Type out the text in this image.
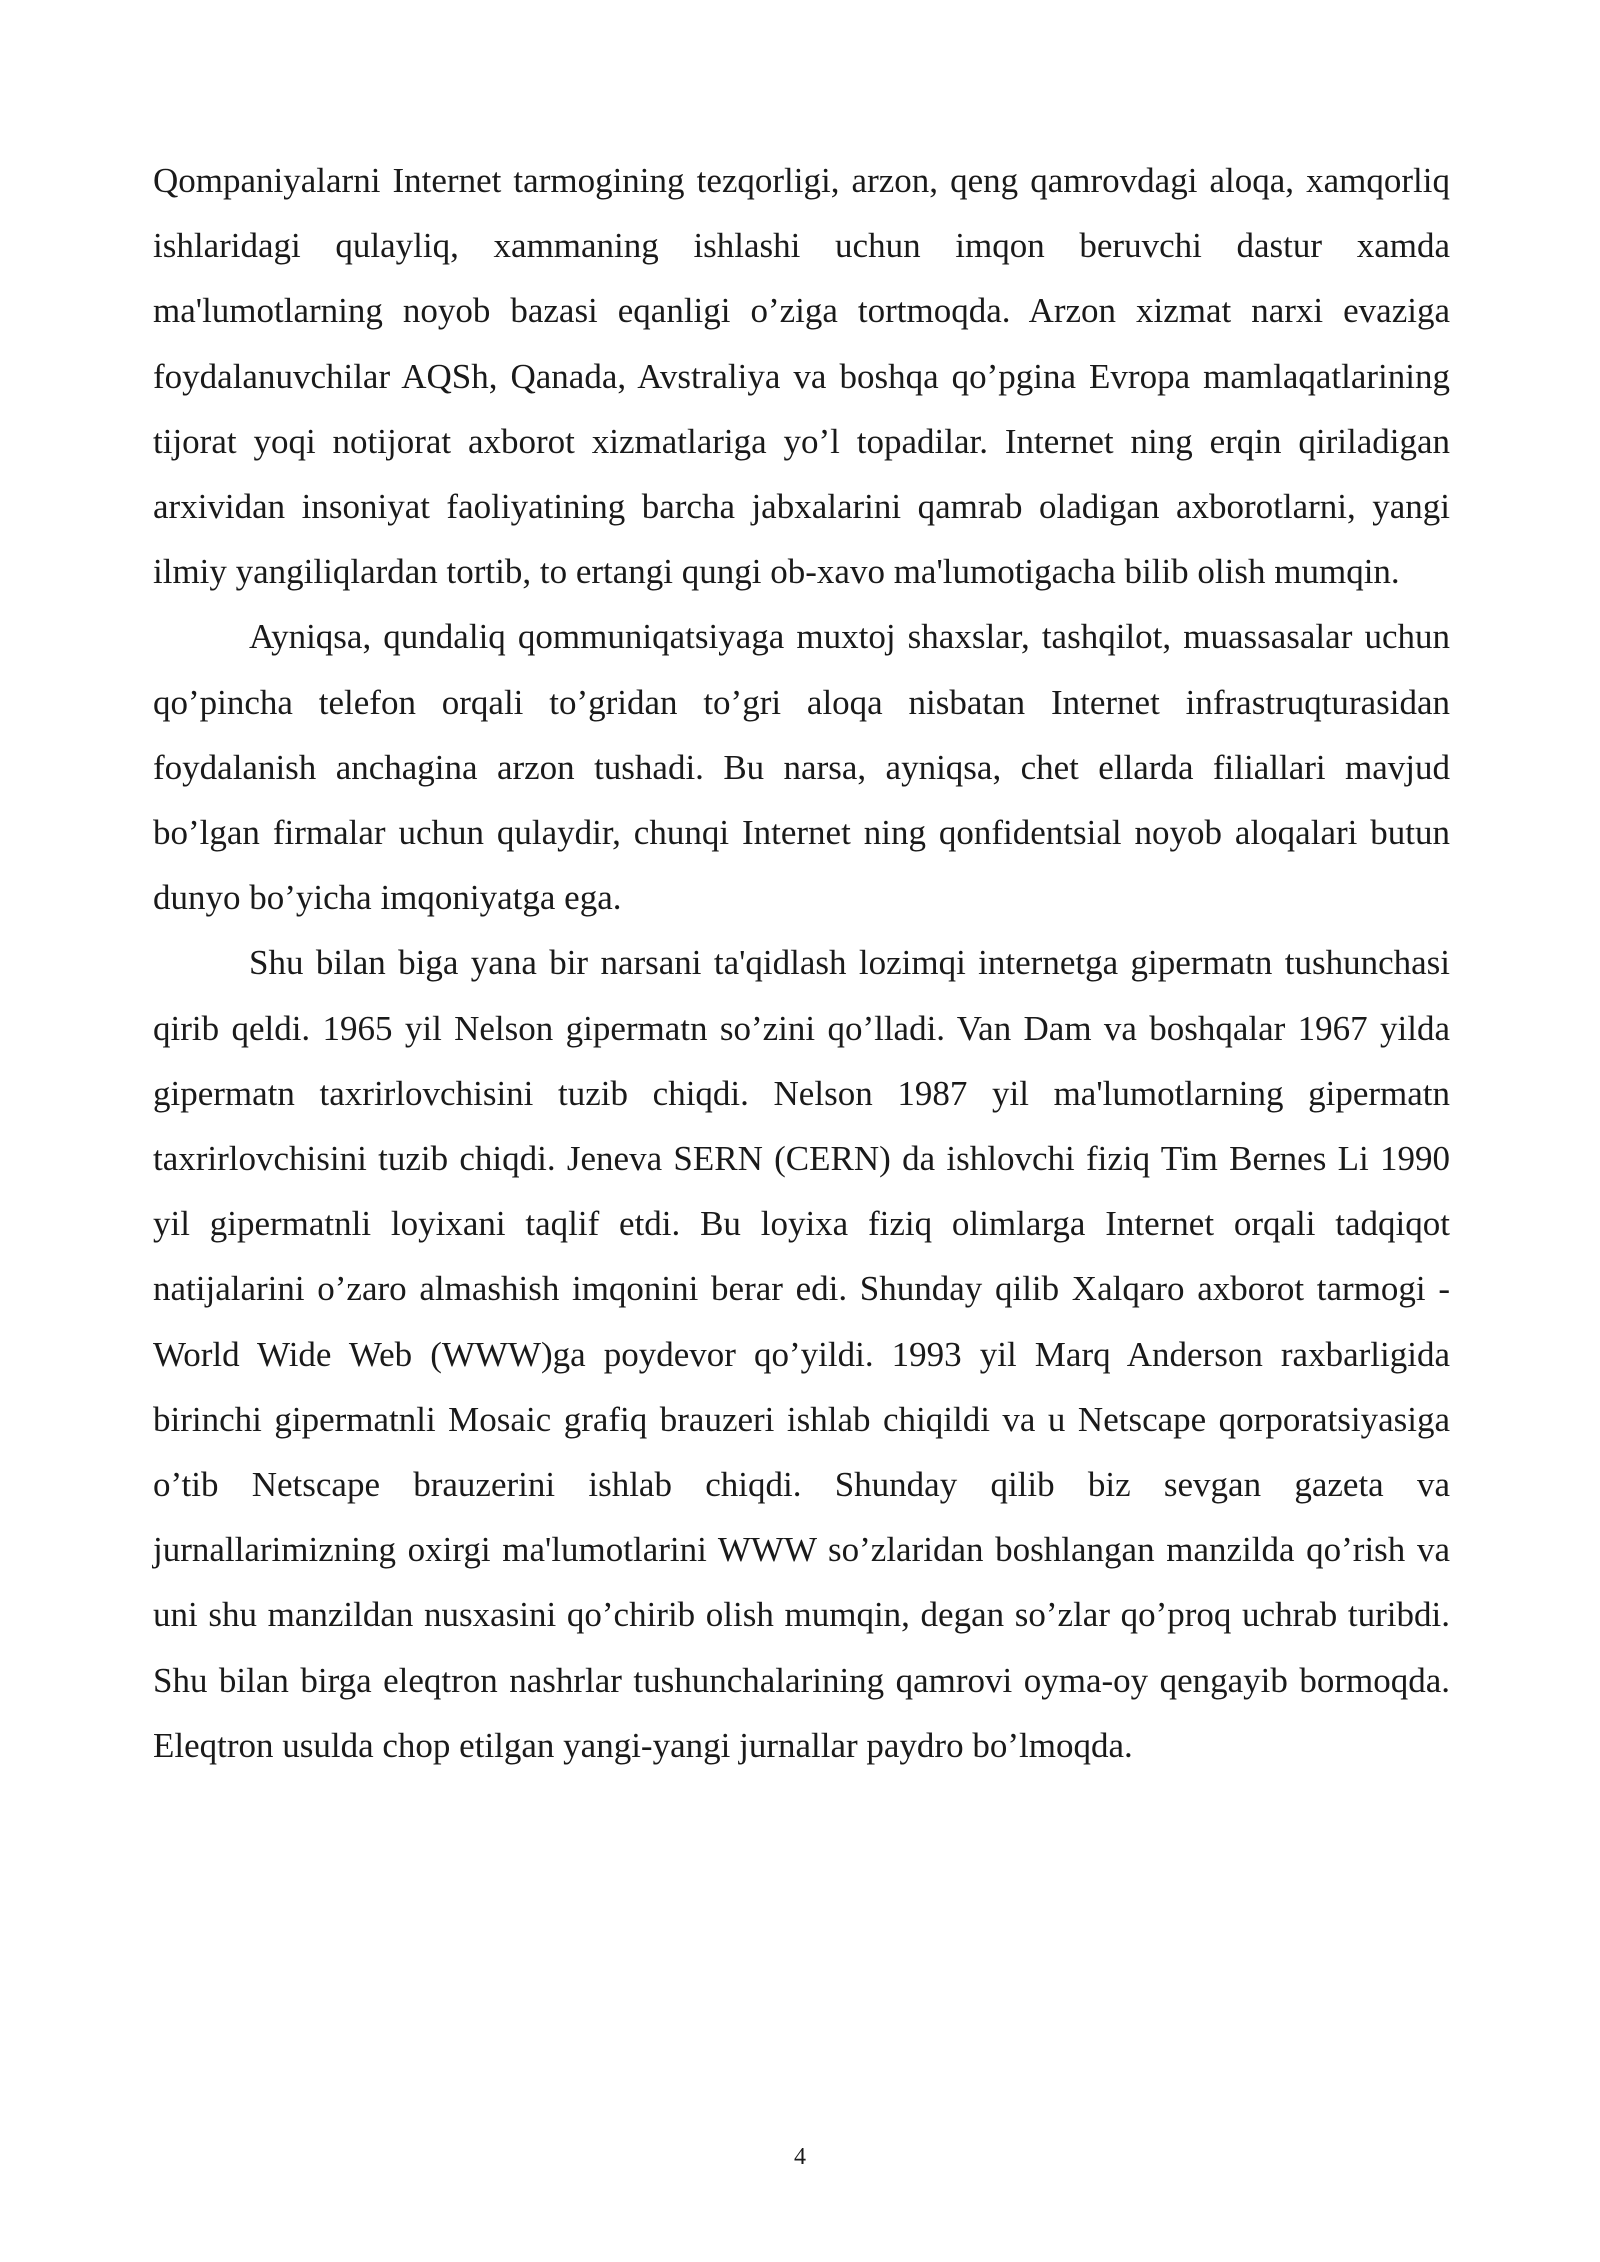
Qompaniyalarni Internet tarmogining tezqorligi, arzon, qeng qamrovdagi aloqa, xamqorliq ishlaridagi qulayliq, xammaning ishlashi uchun imqon beruvchi dastur xamda ma'lumotlarning noyob bazasi eqanligi o’ziga tortmoqda. Arzon xizmat narxi evaziga foydalanuvchilar AQSh, Qanada, Avstraliya va boshqa qo’pgina Evropa mamlaqatlarining tijorat yoqi notijorat axborot xizmatlariga yo’l topadilar. Internet ning erqin qiriladigan arxividan insoniyat faoliyatining barcha jabxalarini qamrab oladigan axborotlarni, yangi ilmiy yangiliqlardan tortib, to ertangi qungi ob-xavo ma'lumotigacha bilib olish mumqin.

Ayniqsa, qundaliq qommuniqatsiyaga muxtoj shaxslar, tashqilot, muassasalar uchun qo’pincha telefon orqali to’gridan to’gri aloqa nisbatan Internet infrastruqturasidan foydalanish anchagina arzon tushadi. Bu narsa, ayniqsa, chet ellarda filiallari mavjud bo’lgan firmalar uchun qulaydir, chunqi Internet ning qonfidentsial noyob aloqalari butun dunyo bo’yicha imqoniyatga ega.

Shu bilan biga yana bir narsani ta'qidlash lozimqi internetga gipermatn tushunchasi qirib qeldi. 1965 yil Nelson gipermatn so’zini qo’lladi. Van Dam va boshqalar 1967 yilda gipermatn taxrirlovchisini tuzib chiqdi. Nelson 1987 yil ma'lumotlarning gipermatn taxrirlovchisini tuzib chiqdi. Jeneva SERN (CERN) da ishlovchi fiziq Tim Bernes Li 1990 yil gipermatnli loyixani taqlif etdi. Bu loyixa fiziq olimlarga Internet orqali tadqiqot natijalarini o’zaro almashish imqonini berar edi. Shunday qilib Xalqaro axborot tarmogi - World Wide Web (WWW)ga poydevor qo’yildi. 1993 yil Marq Anderson raxbarligida birinchi gipermatnli Mosaic grafiq brauzeri ishlab chiqildi va u Netscape qorporatsiyasiga o’tib Netscape brauzerini ishlab chiqdi. Shunday qilib biz sevgan gazeta va jurnallarimizning oxirgi ma'lumotlarini WWW so’zlaridan boshlangan manzilda qo’rish va uni shu manzildan nusxasini qo’chirib olish mumqin, degan so’zlar qo’proq uchrab turibdi. Shu bilan birga eleqtron nashrlar tushunchalarining qamrovi oyma-oy qengayib bormoqda. Eleqtron usulda chop etilgan yangi-yangi jurnallar paydro bo’lmoqda.

4
